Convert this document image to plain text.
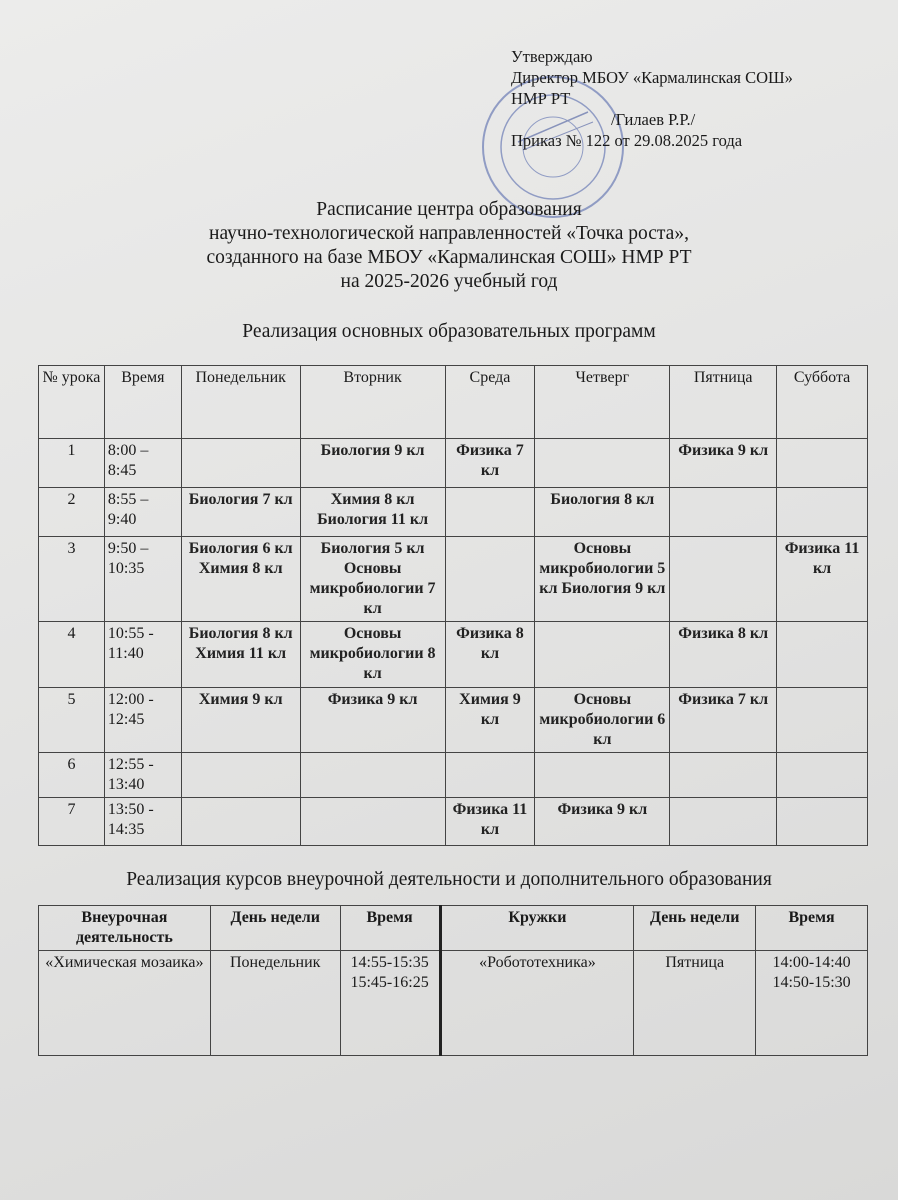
Утверждаю
Директор МБОУ «Кармалинская СОШ»
НМР РТ
/Гилаев Р.Р./
Приказ № 122 от 29.08.2025 года
Расписание центра образования
научно-технологической направленностей «Точка роста»,
созданного на базе МБОУ «Кармалинская СОШ» НМР РТ
на 2025-2026 учебный год
Реализация основных образовательных программ
№ урока	Время	Понедельник	Вторник	Среда	Четверг	Пятница	Суббота
1	8:00 – 8:45		Биология 9 кл	Физика 7 кл		Физика 9 кл	
2	8:55 – 9:40	Биология 7 кл	Химия 8 кл Биология 11 кл		Биология 8 кл		
3	9:50 – 10:35	Биология 6 кл Химия 8 кл	Биология 5 кл Основы микробиологии 7 кл		Основы микробиологии 5 кл Биология 9 кл		Физика 11 кл
4	10:55 - 11:40	Биология 8 кл Химия 11 кл	Основы микробиологии 8 кл	Физика 8 кл		Физика 8 кл	
5	12:00 - 12:45	Химия 9 кл	Физика 9 кл	Химия 9 кл	Основы микробиологии 6 кл	Физика 7 кл	
6	12:55 - 13:40						
7	13:50 - 14:35			Физика 11 кл	Физика 9 кл		
Реализация курсов внеурочной деятельности и дополнительного образования
Внеурочная деятельность	День недели	Время	Кружки	День недели	Время
«Химическая мозаика»	Понедельник	14:55-15:35 15:45-16:25	«Робототехника»	Пятница	14:00-14:40 14:50-15:30
